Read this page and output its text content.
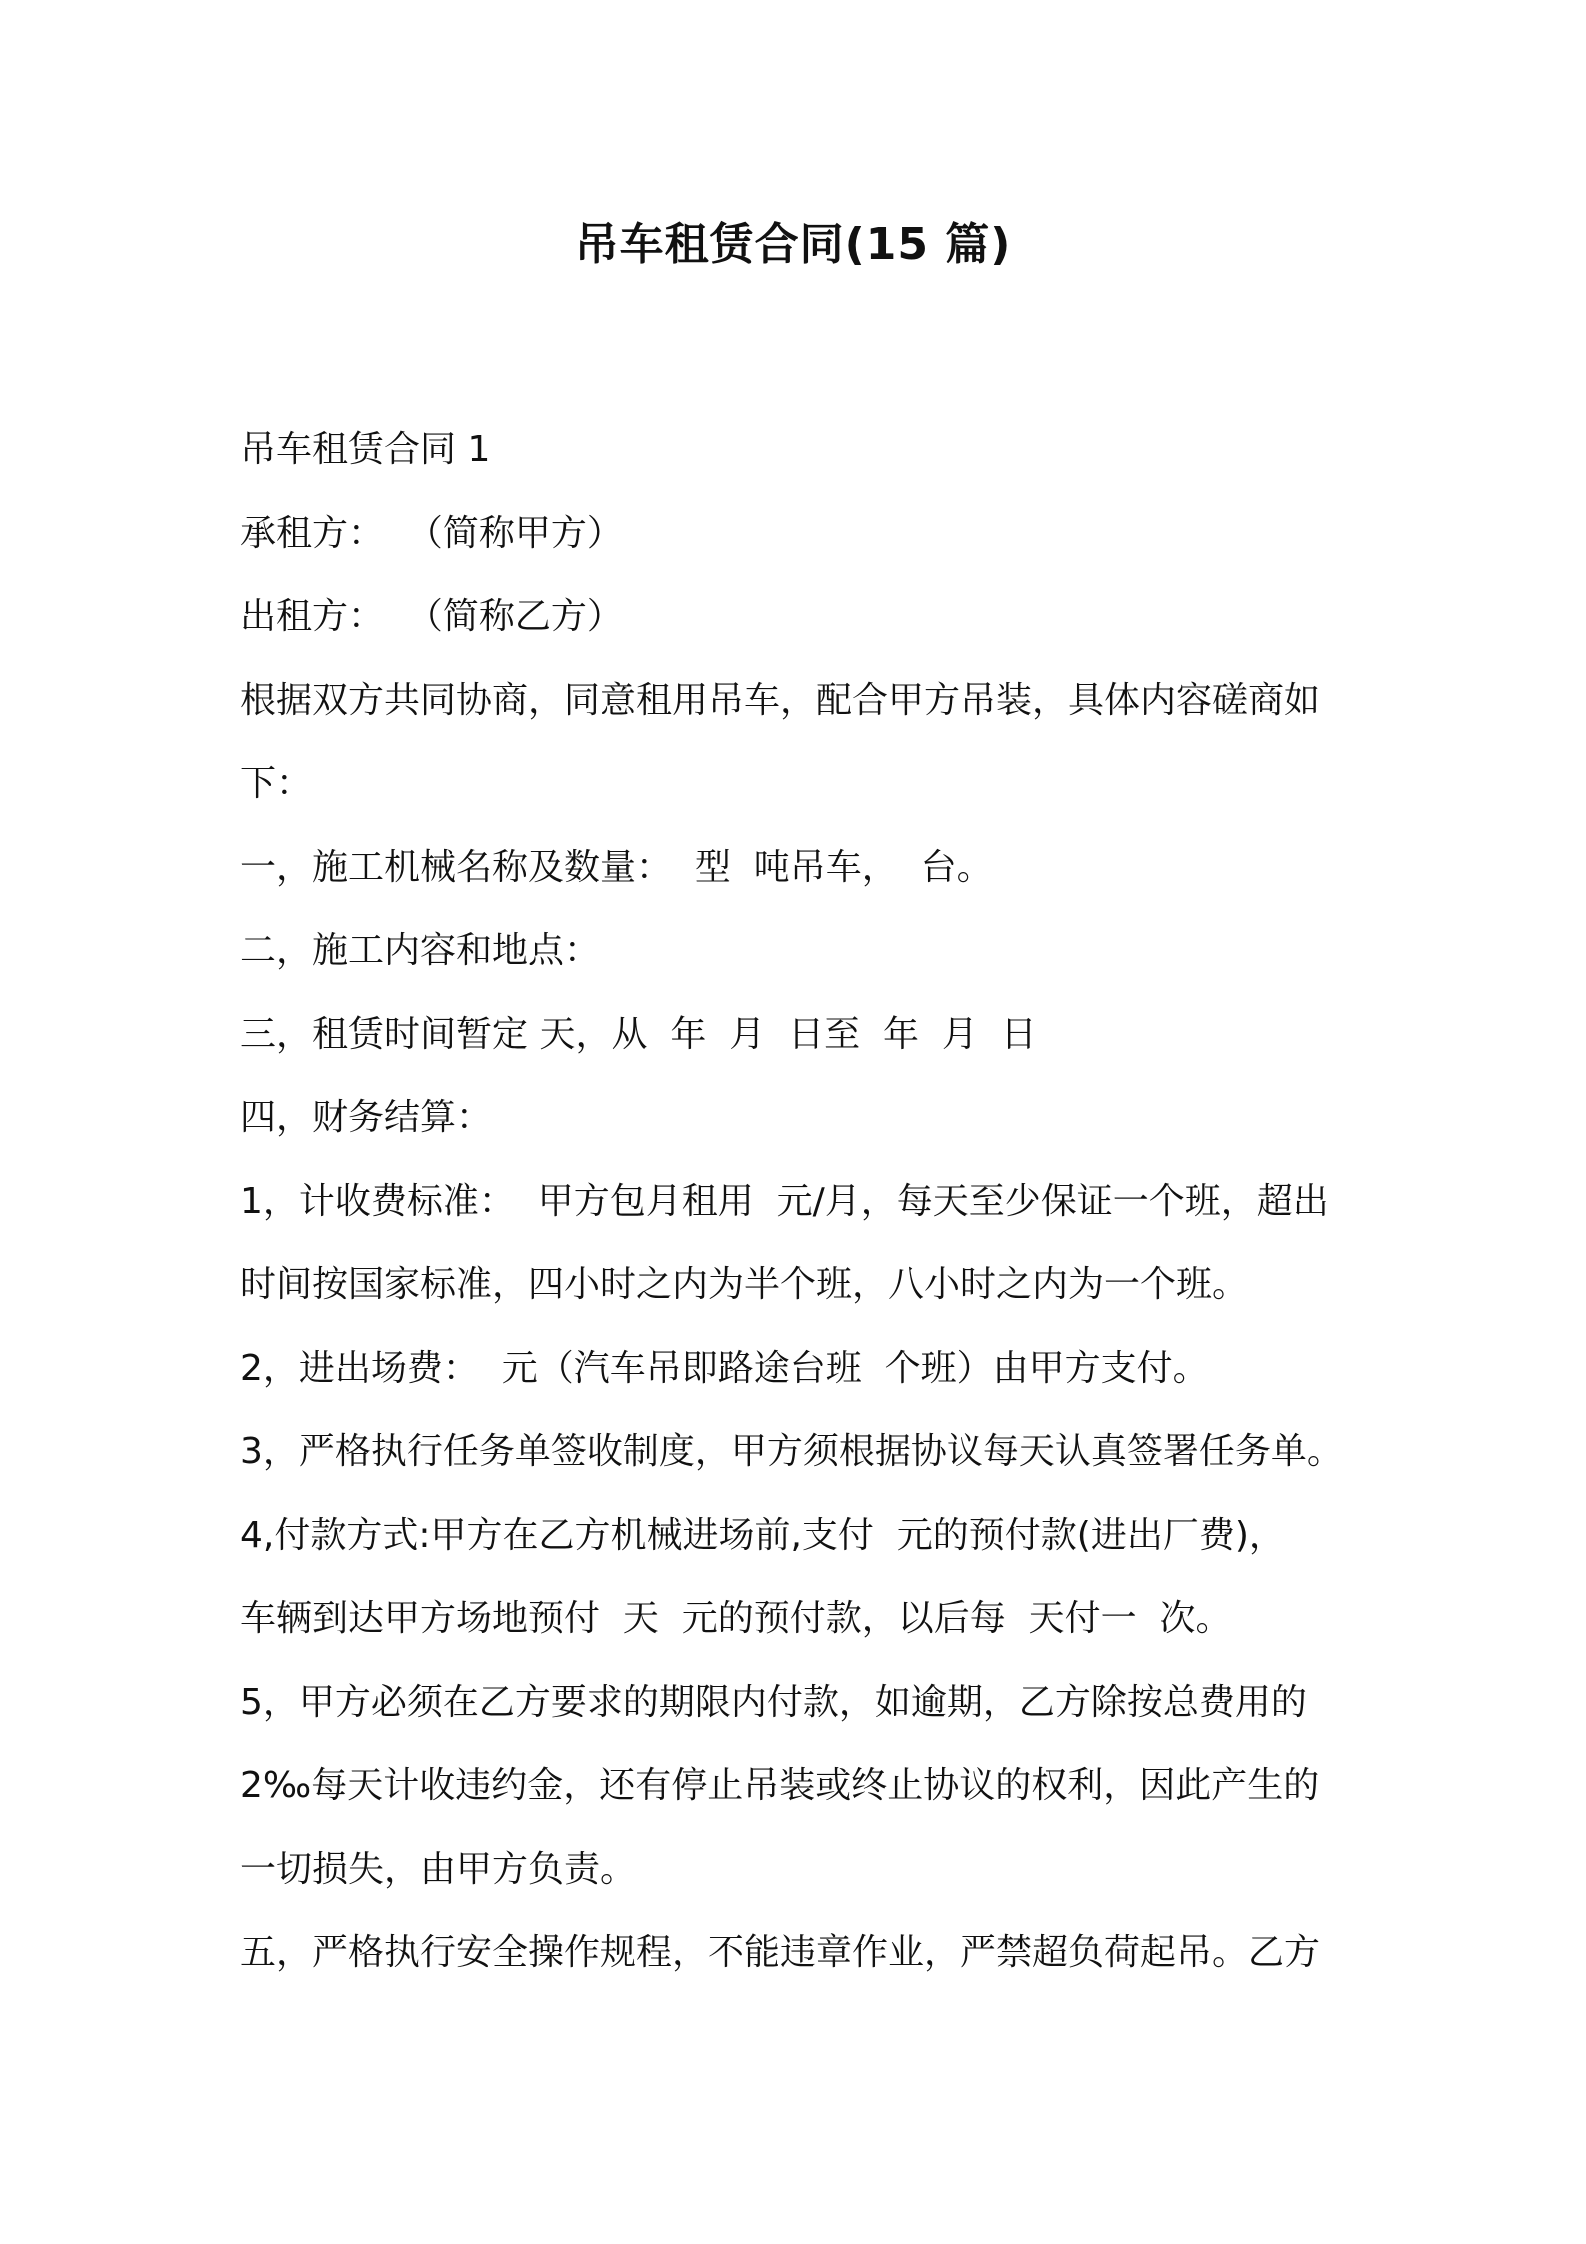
吊车租赁合同(15 篇)
吊车租赁合同 1
承租方：  （简称甲方）
出租方：  （简称乙方）
根据双方共同协商，同意租用吊车，配合甲方吊装，具体内容磋商如
下：
一，施工机械名称及数量：  型  吨吊车，  台。
二，施工内容和地点：
三，租赁时间暂定 天，从  年  月  日至  年  月  日
四，财务结算：
1，计收费标准：  甲方包月租用  元/月，每天至少保证一个班，超出
时间按国家标准，四小时之内为半个班，八小时之内为一个班。
2，进出场费：  元（汽车吊即路途台班  个班）由甲方支付。
3，严格执行任务单签收制度，甲方须根据协议每天认真签署任务单。
4,付款方式:甲方在乙方机械进场前,支付  元的预付款(进出厂费)，
车辆到达甲方场地预付  天  元的预付款，以后每  天付一  次。
5，甲方必须在乙方要求的期限内付款，如逾期，乙方除按总费用的
2‰每天计收违约金，还有停止吊装或终止协议的权利，因此产生的
一切损失，由甲方负责。
五，严格执行安全操作规程，不能违章作业，严禁超负荷起吊。乙方
